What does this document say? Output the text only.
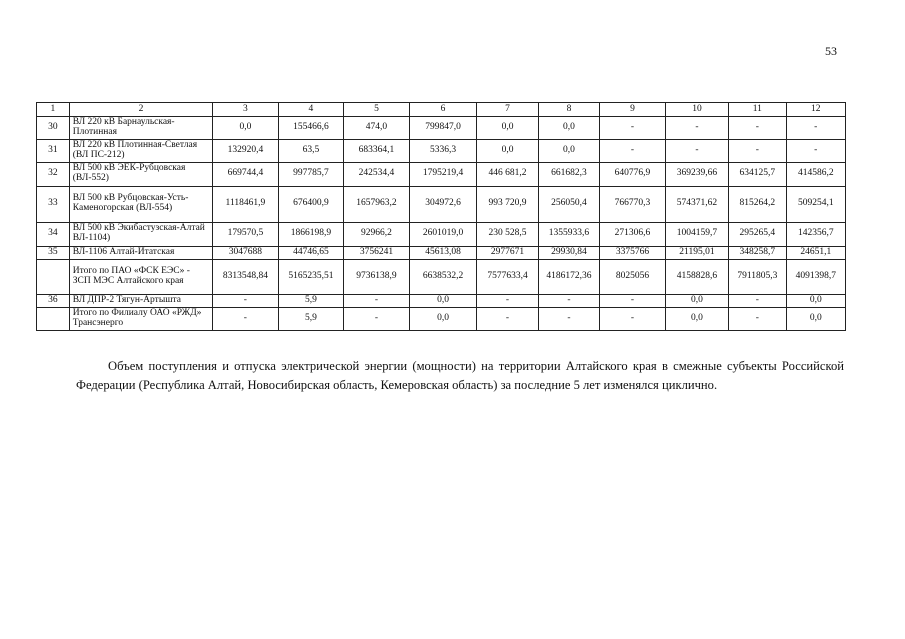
53
1	2	3	4	5	6	7	8	9	10	11	12
30	ВЛ 220 кВ Барнаульская-Плотинная	0,0	155466,6	474,0	799847,0	0,0	0,0	-	-	-	-
31	ВЛ 220 кВ Плотинная-Светлая (ВЛ ПС-212)	132920,4	63,5	683364,1	5336,3	0,0	0,0	-	-	-	-
32	ВЛ 500 кВ ЭЕК-Рубцовская (ВЛ-552)	669744,4	997785,7	242534,4	1795219,4	446 681,2	661682,3	640776,9	369239,66	634125,7	414586,2
33	ВЛ 500 кВ Рубцовская-Усть-Каменогорская (ВЛ-554)	1118461,9	676400,9	1657963,2	304972,6	993 720,9	256050,4	766770,3	574371,62	815264,2	509254,1
34	ВЛ 500 кВ Экибастузская-Алтай ВЛ-1104)	179570,5	1866198,9	92966,2	2601019,0	230 528,5	1355933,6	271306,6	1004159,7	295265,4	142356,7
35	ВЛ-1106 Алтай-Итатская	3047688	44746,65	3756241	45613,08	2977671	29930,84	3375766	21195,01	348258,7	24651,1
	Итого по ПАО «ФСК ЕЭС» - ЗСП МЭС Алтайского края	8313548,84	5165235,51	9736138,9	6638532,2	7577633,4	4186172,36	8025056	4158828,6	7911805,3	4091398,7
36	ВЛ ДПР-2 Тягун-Артышта	-	5,9	-	0,0	-	-	-	0,0	-	0,0
	Итого по Филиалу ОАО «РЖД» Трансэнерго	-	5,9	-	0,0	-	-	-	0,0	-	0,0

Объем поступления и отпуска электрической энергии (мощности) на территории Алтайского края в смежные субъекты Российской Федерации (Республика Алтай, Новосибирская область, Кемеровская область) за последние 5 лет изменялся циклично.
